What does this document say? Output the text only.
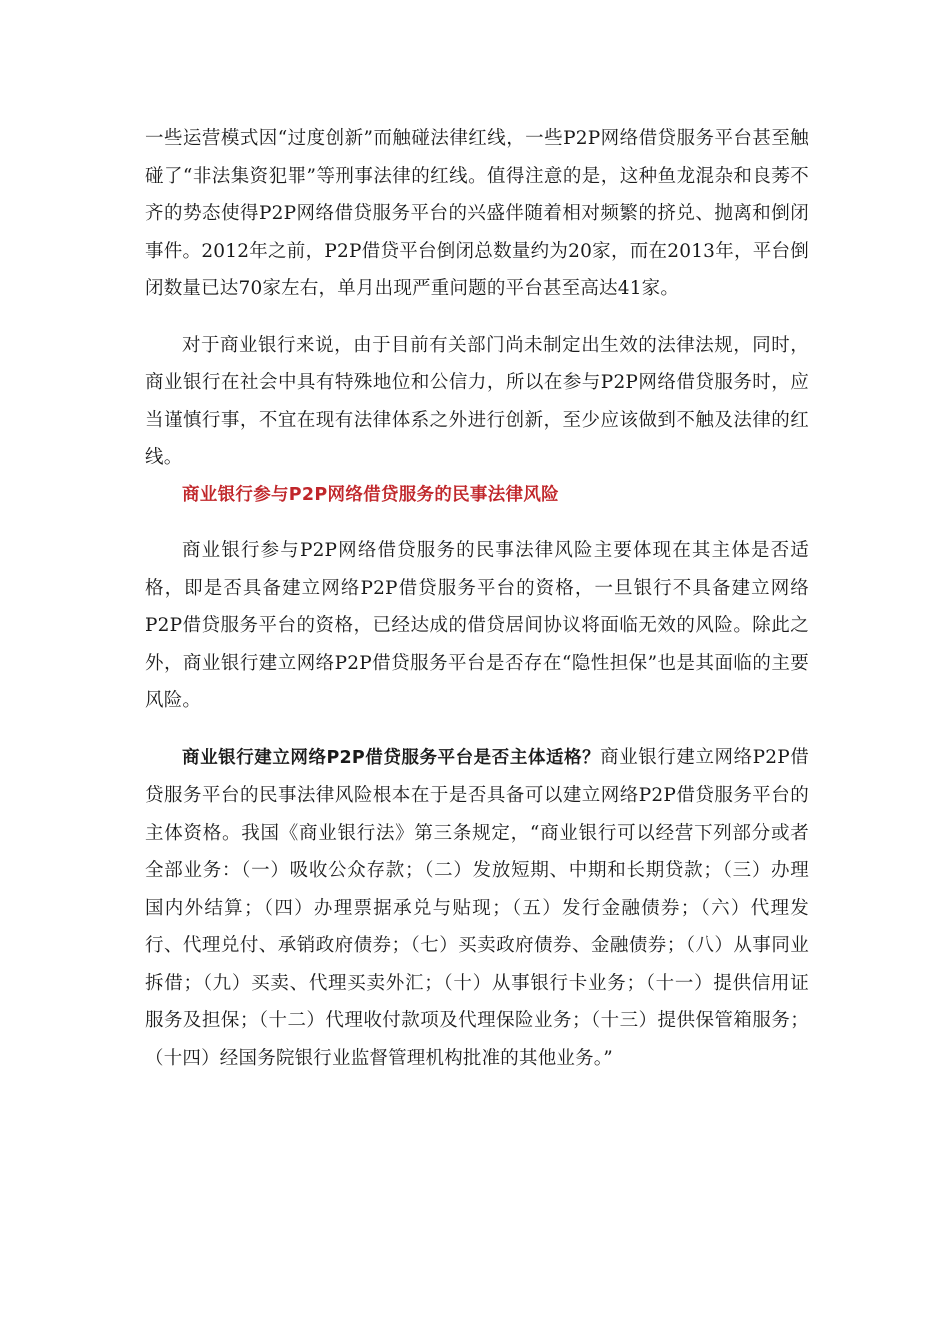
一些运营模式因“过度创新”而触碰法律红线，一些P2P网络借贷服务平台甚至触碰了“非法集资犯罪”等刑事法律的红线。值得注意的是，这种鱼龙混杂和良莠不齐的势态使得P2P网络借贷服务平台的兴盛伴随着相对频繁的挤兑、抛离和倒闭事件。2012年之前，P2P借贷平台倒闭总数量约为20家，而在2013年，平台倒闭数量已达70家左右，单月出现严重问题的平台甚至高达41家。

对于商业银行来说，由于目前有关部门尚未制定出生效的法律法规，同时，商业银行在社会中具有特殊地位和公信力，所以在参与P2P网络借贷服务时，应当谨慎行事，不宜在现有法律体系之外进行创新，至少应该做到不触及法律的红线。

商业银行参与P2P网络借贷服务的民事法律风险

商业银行参与P2P网络借贷服务的民事法律风险主要体现在其主体是否适格，即是否具备建立网络P2P借贷服务平台的资格，一旦银行不具备建立网络P2P借贷服务平台的资格，已经达成的借贷居间协议将面临无效的风险。除此之外，商业银行建立网络P2P借贷服务平台是否存在“隐性担保”也是其面临的主要风险。

商业银行建立网络P2P借贷服务平台是否主体适格？商业银行建立网络P2P借贷服务平台的民事法律风险根本在于是否具备可以建立网络P2P借贷服务平台的主体资格。我国《商业银行法》第三条规定，“商业银行可以经营下列部分或者全部业务：（一）吸收公众存款；（二）发放短期、中期和长期贷款；（三）办理国内外结算；（四）办理票据承兑与贴现；（五）发行金融债券；（六）代理发行、代理兑付、承销政府债券；（七）买卖政府债券、金融债券；（八）从事同业拆借；（九）买卖、代理买卖外汇；（十）从事银行卡业务；（十一）提供信用证服务及担保；（十二）代理收付款项及代理保险业务；（十三）提供保管箱服务；（十四）经国务院银行业监督管理机构批准的其他业务。”
